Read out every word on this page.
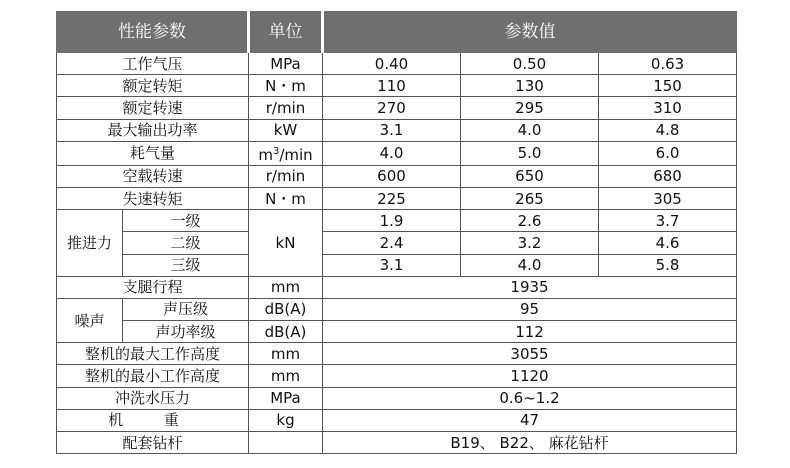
性能参数		单位	参数值		
工作气压		MPa	0.40	0.50	0.63
额定转矩		N・m	110	130	150
额定转速		r/min	270	295	310
最大输出功率		kW	3.1	4.0	4.8
耗气量		$m^3/\min$	4.0	5.0	6.0
空载转速		r/min	600	650	680
失速转矩		N・m	225	265	305
推进力	一级	kN	1.9	2.6	3.7
	二级		2.4	3.2	4.6
	三级		3.1	4.0	5.8
支腿行程		mm	1935		
噪声	声压级	dB(A)	95		
	声功率级	dB(A)	112		
整机的最大工作高度		mm	3055		
整机的最小工作高度		mm	1120		
冲洗水压力		MPa	0.6~1.2		
机 重		kg	47		
配套钻杆			B19、 B22、 麻花钻杆		
